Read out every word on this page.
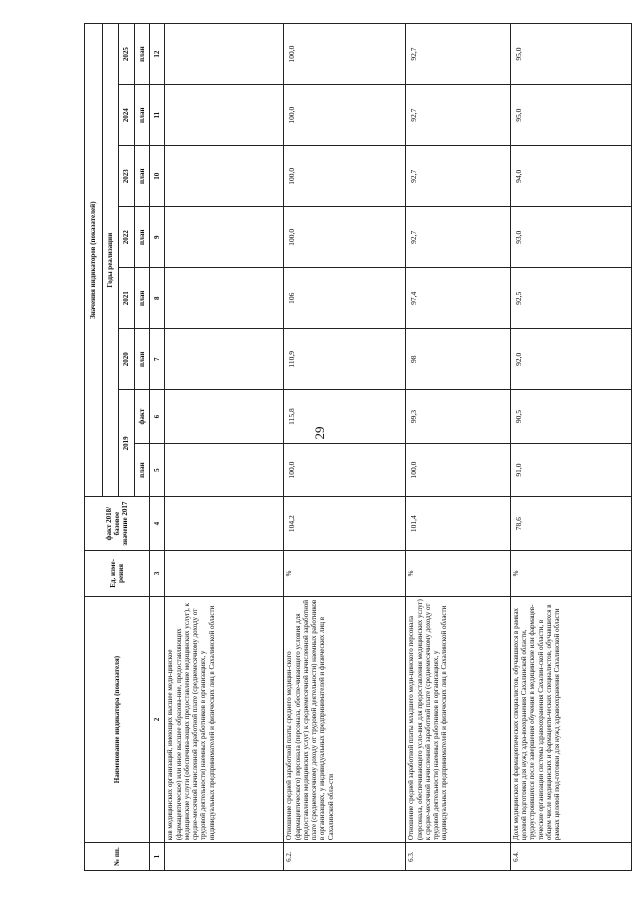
29
№ пп.	Наименование индикатора (показателя)	Ед. изме-рения	факт 2018/ базовое значение 2017	Значения индикаторов (показателей)							
				Годы реализации							
				2019		2020	2021	2022	2023	2024	2025
				план	факт	план	план	план	план	план	план
1	2	3	4	5	6	7	8	9	10	11	12
	ков медицинских организаций, имеющих высшее меди-цинское (фармацевтическое) или иное высшее образова-ние, предоставляющих медицинские услуги (обеспечива-ющих предоставление медицинских услуг), к средне-месячной начисленной заработной плате (среднемесячному доходу от трудовой деятельности) наемных работников в организациях, у индивидуальных предпринимателей и физических лиц в Сахалинской области										
6.2.	Отношение средней заработной платы среднего медицин-ского (фармацевтического) персонала (персонала, обеспе-чивающего условия для предоставления медицинских услуг) к среднемесячной начисленной заработной плате (среднемесячному доходу от трудовой деятельности) наемных работников в организациях, у индивидуальных предпринимателей и физических лиц в Сахалинской обла-сти	%	104,2	100,0	115,8	110,9	106	100,0	100,0	100,0	100,0
6.3.	Отношение средней заработной платы младшего меди-цинского персонала (персонала, обеспечивающего усло-вия для предоставления медицинских услуг) к средне-месячной начисленной заработной плате (среднемесячному доходу от трудовой деятельности) наемных работников в организациях, у индивидуальных предпринимателей и физических лиц в Сахалинской области	%	101,4	100,0	99,3	98	97,4	92,7	92,7	92,7	92,7
6.4.	Доля медицинских и фармацевтических специалистов, обучавшихся в рамках целевой подготовки для нужд здра-воохранения Сахалинской области, трудоустроившихся после завершения обучения в медицинские или фармацев-тические организации системы здравоохранения Сахалин-ской области, в общем числе медицинских и фармацевти-ческих специалистов, обучавшихся в рамках целевой под-готовки для нужд здравоохранения Сахалинской области	%	78,6	91,0	90,5	92,0	92,5	93,0	94,0	95,0	95,0
